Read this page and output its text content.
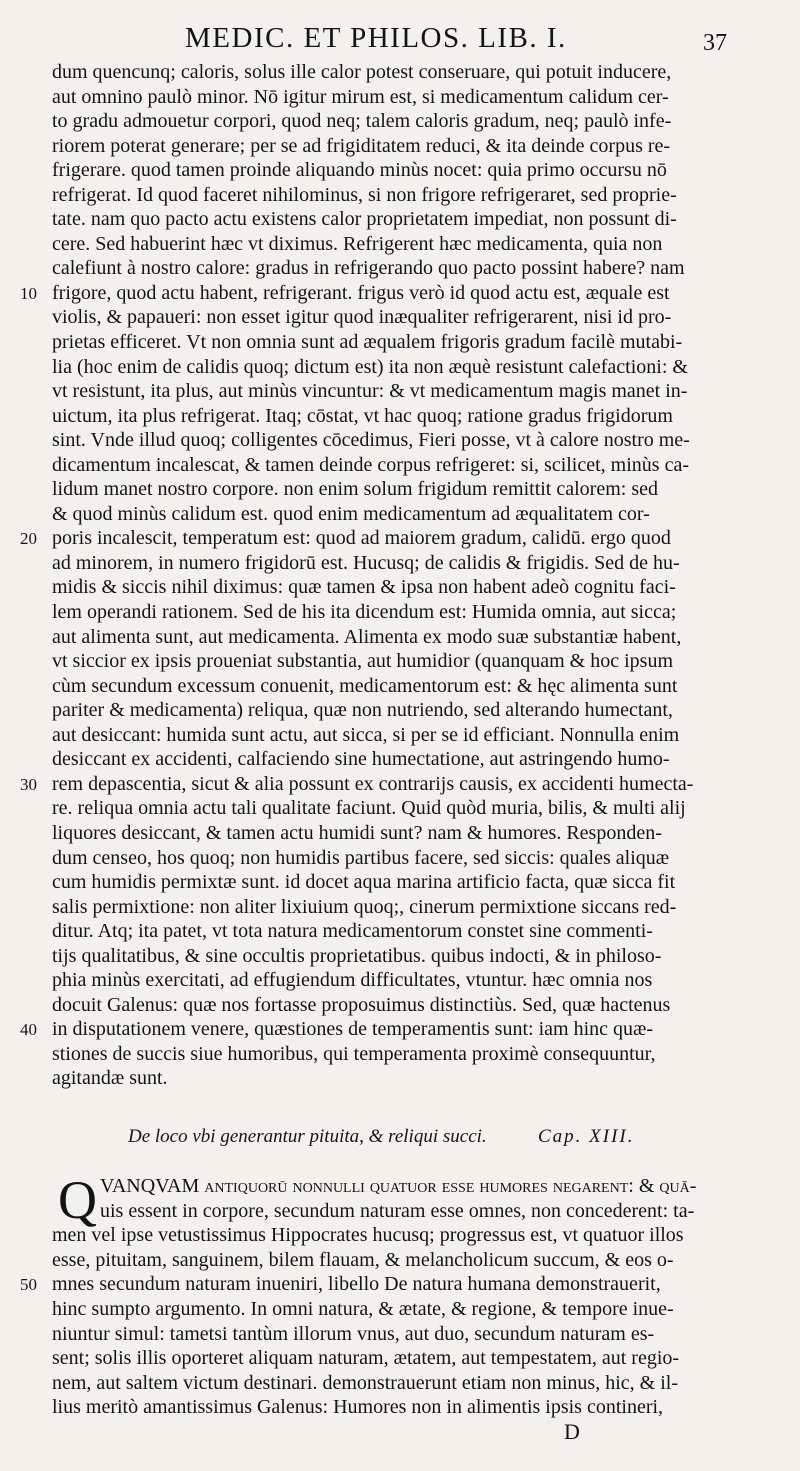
MEDIC. ET PHILOS. LIB. I.	37
dum quencunq; caloris, solus ille calor potest conseruare, qui potuit inducere,
aut omnino paulò minor. Nō igitur mirum est, si medicamentum calidum cer-
to gradu admouetur corpori, quod neq; talem caloris gradum, neq; paulò infe-
riorem poterat generare; per se ad frigiditatem reduci, & ita deinde corpus re-
frigerare. quod tamen proinde aliquando minùs nocet: quia primo occursu nō
refrigerat. Id quod faceret nihilominus, si non frigore refrigeraret, sed proprie-
tate. nam quo pacto actu existens calor proprietatem impediat, non possunt di-
cere. Sed habuerint hæc vt diximus. Refrigerent hæc medicamenta, quia non
calefiunt à nostro calore: gradus in refrigerando quo pacto possint habere? nam
10 frigore, quod actu habent, refrigerant. frigus verò id quod actu est, æquale est
violis, & papaueri: non esset igitur quod inæqualiter refrigerarent, nisi id pro-
prietas efficeret. Vt non omnia sunt ad æqualem frigoris gradum facilè mutabi-
lia (hoc enim de calidis quoq; dictum est) ita non æquè resistunt calefactioni: &
vt resistunt, ita plus, aut minùs vincuntur: & vt medicamentum magis manet in-
uictum, ita plus refrigerat. Itaq; cōstat, vt hac quoq; ratione gradus frigidorum
sint. Vnde illud quoq; colligentes cōcedimus, Fieri posse, vt à calore nostro me-
dicamentum incalescat, & tamen deinde corpus refrigeret: si, scilicet, minùs ca-
lidum manet nostro corpore. non enim solum frigidum remittit calorem: sed
& quod minùs calidum est. quod enim medicamentum ad æqualitatem cor-
20 poris incalescit, temperatum est: quod ad maiorem gradum, calidū. ergo quod
ad minorem, in numero frigidorū est. Hucusq; de calidis & frigidis. Sed de hu-
midis & siccis nihil diximus: quæ tamen & ipsa non habent adeò cognitu faci-
lem operandi rationem. Sed de his ita dicendum est: Humida omnia, aut sicca;
aut alimenta sunt, aut medicamenta. Alimenta ex modo suæ substantiæ habent,
vt siccior ex ipsis proueniat substantia, aut humidior (quanquam & hoc ipsum
cùm secundum excessum conuenit, medicamentorum est: & hęc alimenta sunt
pariter & medicamenta) reliqua, quæ non nutriendo, sed alterando humectant,
aut desiccant: humida sunt actu, aut sicca, si per se id efficiant. Nonnulla enim
desiccant ex accidenti, calfaciendo sine humectatione, aut astringendo humo-
30 rem depascentia, sicut & alia possunt ex contrarijs causis, ex accidenti humecta-
re. reliqua omnia actu tali qualitate faciunt. Quid quòd muria, bilis, & multi alij
liquores desiccant, & tamen actu humidi sunt? nam & humores. Responden-
dum censeo, hos quoq; non humidis partibus facere, sed siccis: quales aliquæ
cum humidis permixtæ sunt. id docet aqua marina artificio facta, quæ sicca fit
salis permixtione: non aliter lixiuium quoq;, cinerum permixtione siccans red-
ditur. Atq; ita patet, vt tota natura medicamentorum constet sine commenti-
tijs qualitatibus, & sine occultis proprietatibus. quibus indocti, & in philoso-
phia minùs exercitati, ad effugiendum difficultates, vtuntur. hæc omnia nos
docuit Galenus: quæ nos fortasse proposuimus distinctiùs. Sed, quæ hactenus
40 in disputationem venere, quæstiones de temperamentis sunt: iam hinc quæ-
stiones de succis siue humoribus, qui temperamenta proximè consequuntur,
agitandæ sunt.
De loco vbi generantur pituita, & reliqui succi.	Cap. XIII.
Q VANQVAM antiquorū nonnulli quatuor esse humores negarent: & quā-
uis essent in corpore, secundum naturam esse omnes, non concederent: ta-
men vel ipse vetustissimus Hippocrates hucusq; progressus est, vt quatuor illos
esse, pituitam, sanguinem, bilem flauam, & melancholicum succum, & eos o-
50 mnes secundum naturam inueniri, libello De natura humana demonstrauerit,
hinc sumpto argumento. In omni natura, & ætate, & regione, & tempore inue-
niuntur simul: tametsi tantùm illorum vnus, aut duo, secundum naturam es-
sent; solis illis oporteret aliquam naturam, ætatem, aut tempestatem, aut regio-
nem, aut saltem victum destinari. demonstrauerunt etiam non minus, hic, & il-
lius meritò amantissimus Galenus: Humores non in alimentis ipsis contineri,
D
